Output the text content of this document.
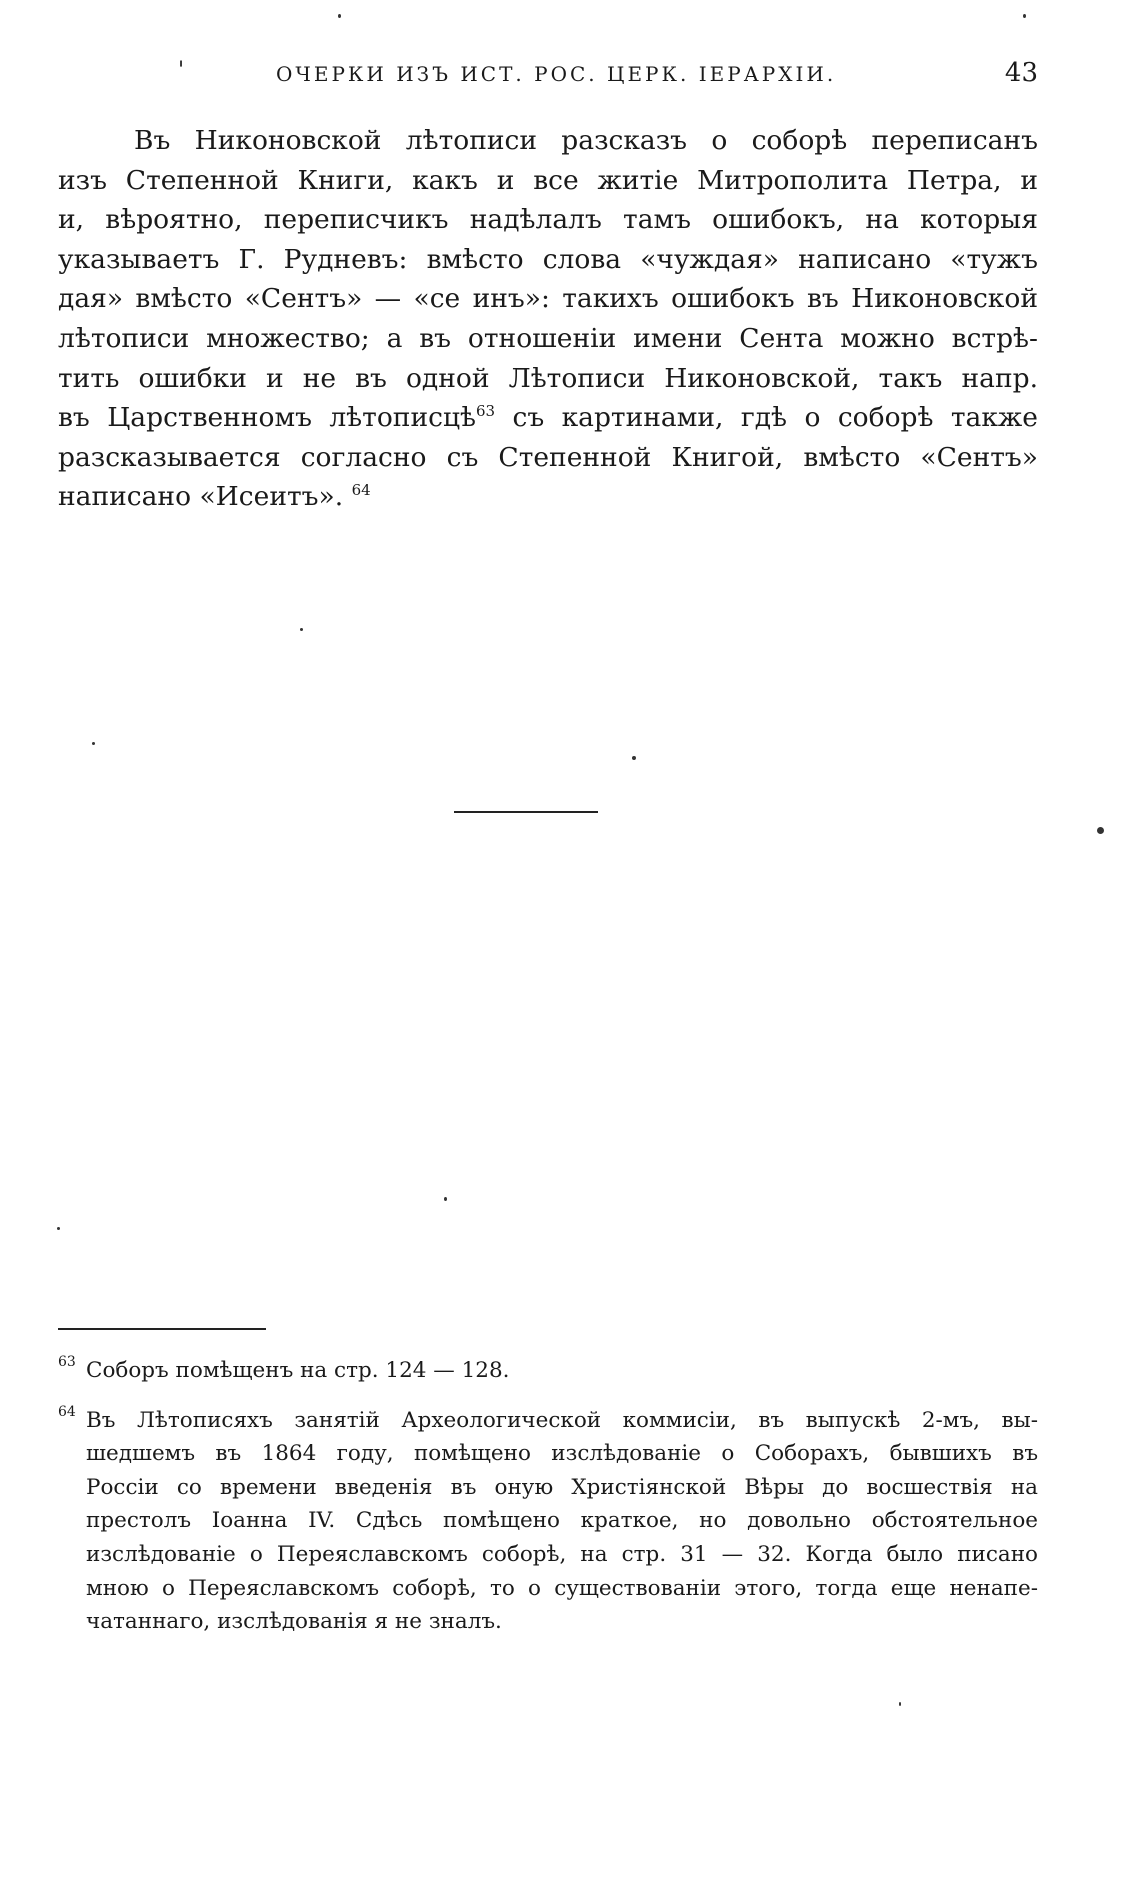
ОЧЕРКИ ИЗЪ ИСТ. РОС. ЦЕРК. ІЕРАРХІИ.	43
'
Въ Никоновской лѣтописи разсказъ о соборѣ переписанъ
изъ Степенной Книги, какъ и все житіе Митрополита Петра, и
и, вѣроятно, переписчикъ надѣлалъ тамъ ошибокъ, на которыя
указываетъ Г. Рудневъ: вмѣсто слова «чуждая» написано «тужъ
дая» вмѣсто «Сентъ» — «се инъ»: такихъ ошибокъ въ Никоновской
лѣтописи множество; а въ отношеніи имени Сента можно встрѣ-
тить ошибки и не въ одной Лѣтописи Никоновской, такъ напр.
въ Царственномъ лѣтописцѣ$^{63}$ съ картинами, гдѣ о соборѣ также
разсказывается согласно съ Степенной Книгой, вмѣсто «Сентъ»
написано «Исеитъ». $^{64}$
63 Соборъ помѣщенъ на стр. 124 — 128.
64 Въ Лѣтописяхъ занятій Археологической коммисіи, въ выпускѣ 2-мъ, вы-
шедшемъ въ 1864 году, помѣщено изслѣдованіе о Соборахъ, бывшихъ въ
Россіи со времени введенія въ оную Христіянской Вѣры до восшествія на
престолъ Іоанна IV. Сдѣсь помѣщено краткое, но довольно обстоятельное
изслѣдованіе о Переяславскомъ соборѣ, на стр. 31 — 32. Когда было писано
мною о Переяславскомъ соборѣ, то о существованіи этого, тогда еще ненапе-
чатаннаго, изслѣдованія я не зналъ.
